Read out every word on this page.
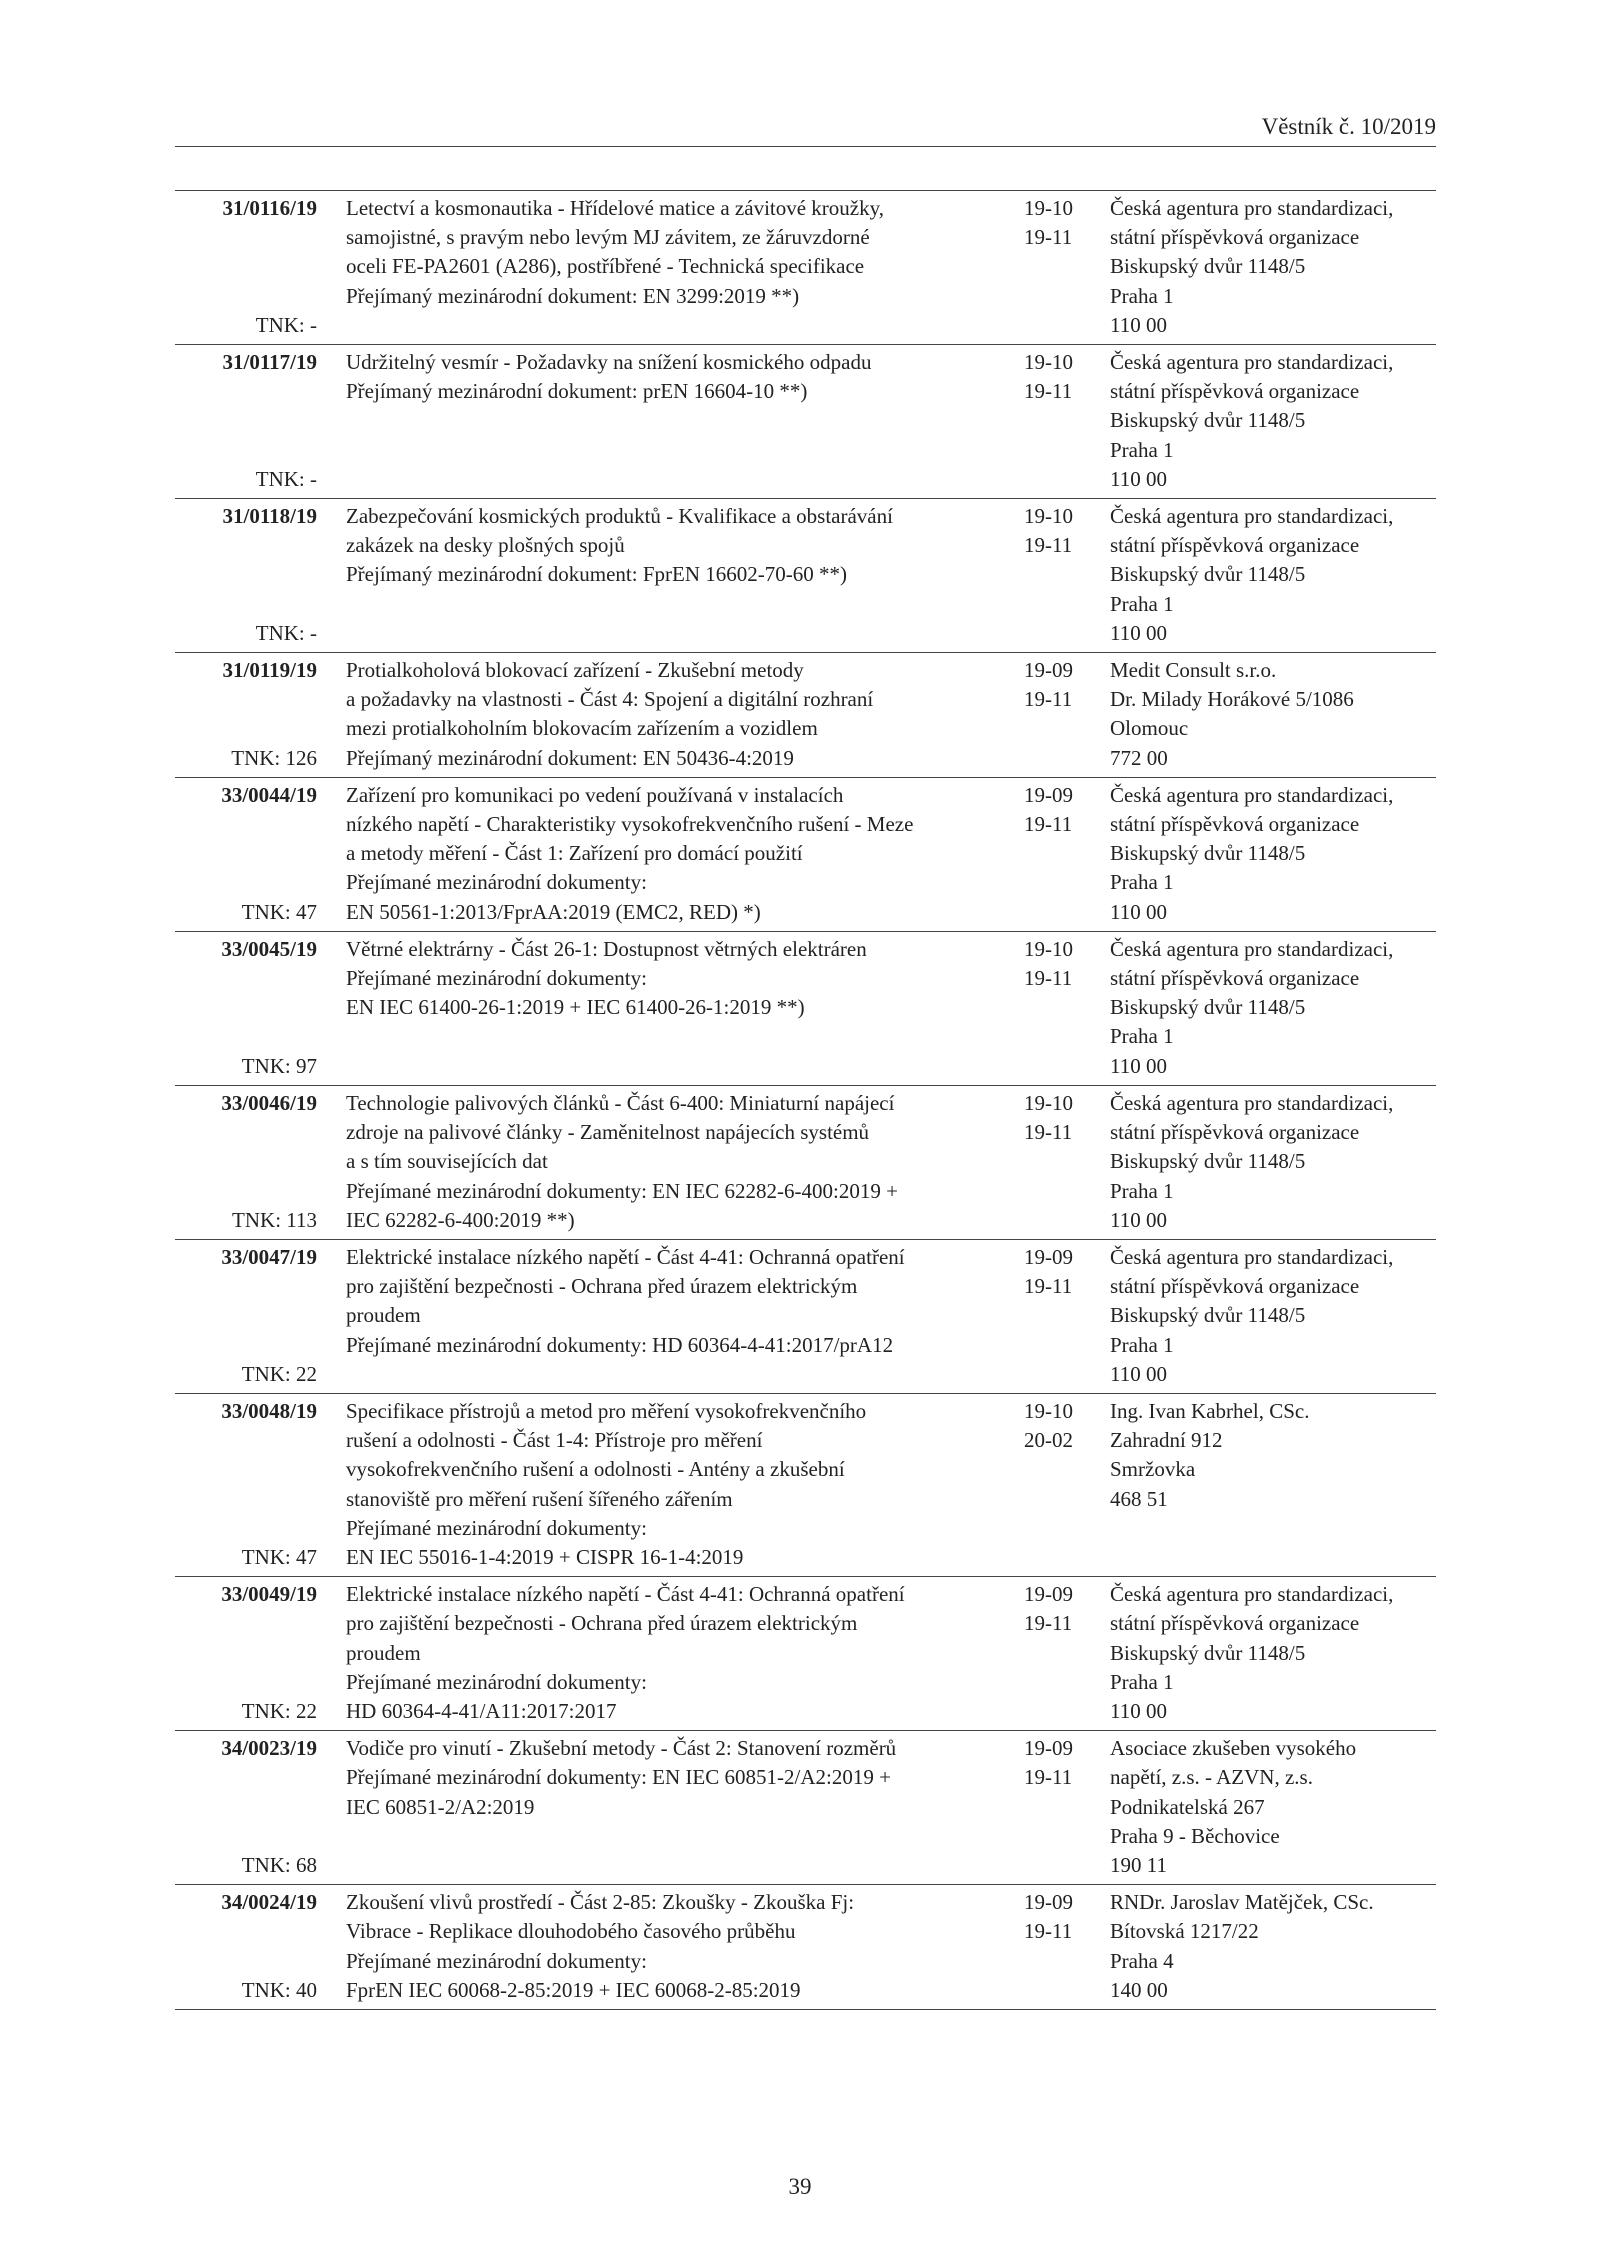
Věstník č. 10/2019
31/0116/19
TNK: -
Letectví a kosmonautika - Hřídelové matice a závitové kroužky,
samojistné, s pravým nebo levým MJ závitem, ze žáruvzdorné
oceli FE-PA2601 (A286), postříbřené - Technická specifikace
Přejímaný mezinárodní dokument: EN 3299:2019 **)
19-10
19-11
Česká agentura pro standardizaci,
státní příspěvková organizace
Biskupský dvůr 1148/5
Praha 1
110 00
31/0117/19
TNK: -
Udržitelný vesmír - Požadavky na snížení kosmického odpadu
Přejímaný mezinárodní dokument: prEN 16604-10 **)
19-10
19-11
Česká agentura pro standardizaci,
státní příspěvková organizace
Biskupský dvůr 1148/5
Praha 1
110 00
31/0118/19
TNK: -
Zabezpečování kosmických produktů - Kvalifikace a obstarávání
zakázek na desky plošných spojů
Přejímaný mezinárodní dokument: FprEN 16602-70-60 **)
19-10
19-11
Česká agentura pro standardizaci,
státní příspěvková organizace
Biskupský dvůr 1148/5
Praha 1
110 00
31/0119/19
TNK: 126
Protialkoholová blokovací zařízení - Zkušební metody
a požadavky na vlastnosti - Část 4: Spojení a digitální rozhraní
mezi protialkoholním blokovacím zařízením a vozidlem
Přejímaný mezinárodní dokument: EN 50436-4:2019
19-09
19-11
Medit Consult s.r.o.
Dr. Milady Horákové 5/1086
Olomouc
772 00
33/0044/19
TNK: 47
Zařízení pro komunikaci po vedení používaná v instalacích
nízkého napětí - Charakteristiky vysokofrekvenčního rušení - Meze
a metody měření - Část 1: Zařízení pro domácí použití
Přejímané mezinárodní dokumenty:
EN 50561-1:2013/FprAA:2019 (EMC2, RED) *)
19-09
19-11
Česká agentura pro standardizaci,
státní příspěvková organizace
Biskupský dvůr 1148/5
Praha 1
110 00
33/0045/19
TNK: 97
Větrné elektrárny - Část 26-1: Dostupnost větrných elektráren
Přejímané mezinárodní dokumenty:
EN IEC 61400-26-1:2019 + IEC 61400-26-1:2019 **)
19-10
19-11
Česká agentura pro standardizaci,
státní příspěvková organizace
Biskupský dvůr 1148/5
Praha 1
110 00
33/0046/19
TNK: 113
Technologie palivových článků - Část 6-400: Miniaturní napájecí
zdroje na palivové články - Zaměnitelnost napájecích systémů
a s tím souvisejících dat
Přejímané mezinárodní dokumenty: EN IEC 62282-6-400:2019 +
IEC 62282-6-400:2019 **)
19-10
19-11
Česká agentura pro standardizaci,
státní příspěvková organizace
Biskupský dvůr 1148/5
Praha 1
110 00
33/0047/19
TNK: 22
Elektrické instalace nízkého napětí - Část 4-41: Ochranná opatření
pro zajištění bezpečnosti - Ochrana před úrazem elektrickým
proudem
Přejímané mezinárodní dokumenty: HD 60364-4-41:2017/prA12
19-09
19-11
Česká agentura pro standardizaci,
státní příspěvková organizace
Biskupský dvůr 1148/5
Praha 1
110 00
33/0048/19
TNK: 47
Specifikace přístrojů a metod pro měření vysokofrekvenčního
rušení a odolnosti - Část 1-4: Přístroje pro měření
vysokofrekvenčního rušení a odolnosti - Antény a zkušební
stanoviště pro měření rušení šířeného zářením
Přejímané mezinárodní dokumenty:
EN IEC 55016-1-4:2019 + CISPR 16-1-4:2019
19-10
20-02
Ing. Ivan Kabrhel, CSc.
Zahradní 912
Smržovka
468 51
33/0049/19
TNK: 22
Elektrické instalace nízkého napětí - Část 4-41: Ochranná opatření
pro zajištění bezpečnosti - Ochrana před úrazem elektrickým
proudem
Přejímané mezinárodní dokumenty:
HD 60364-4-41/A11:2017:2017
19-09
19-11
Česká agentura pro standardizaci,
státní příspěvková organizace
Biskupský dvůr 1148/5
Praha 1
110 00
34/0023/19
TNK: 68
Vodiče pro vinutí - Zkušební metody - Část 2: Stanovení rozměrů
Přejímané mezinárodní dokumenty: EN IEC 60851-2/A2:2019 +
IEC 60851-2/A2:2019
19-09
19-11
Asociace zkušeben vysokého
napětí, z.s. - AZVN, z.s.
Podnikatelská 267
Praha 9 - Běchovice
190 11
34/0024/19
TNK: 40
Zkoušení vlivů prostředí - Část 2-85: Zkoušky - Zkouška Fj:
Vibrace - Replikace dlouhodobého časového průběhu
Přejímané mezinárodní dokumenty:
FprEN IEC 60068-2-85:2019 + IEC 60068-2-85:2019
19-09
19-11
RNDr. Jaroslav Matějček, CSc.
Bítovská 1217/22
Praha 4
140 00
39
